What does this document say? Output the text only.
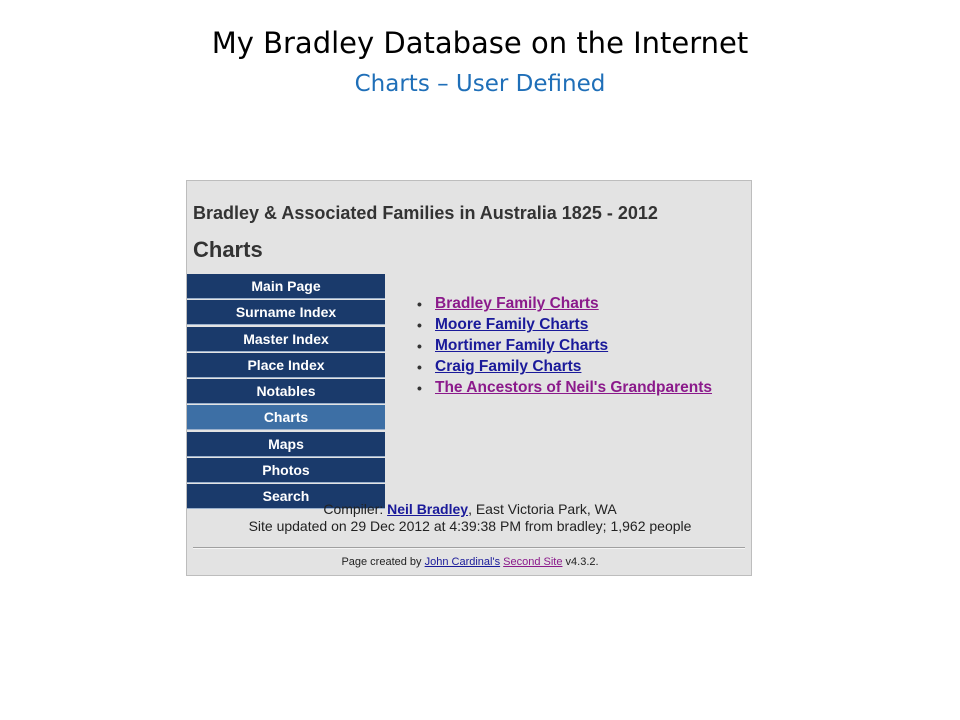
My Bradley Database on the Internet
Charts – User Defined
Bradley & Associated Families in Australia 1825 - 2012
Charts
Main Page
Surname Index
Master Index
Place Index
Notables
Charts
Maps
Photos
Search
• Bradley Family Charts
• Moore Family Charts
• Mortimer Family Charts
• Craig Family Charts
• The Ancestors of Neil's Grandparents
Compiler: Neil Bradley, East Victoria Park, WA
Site updated on 29 Dec 2012 at 4:39:38 PM from bradley; 1,962 people
Page created by John Cardinal's Second Site v4.3.2.
